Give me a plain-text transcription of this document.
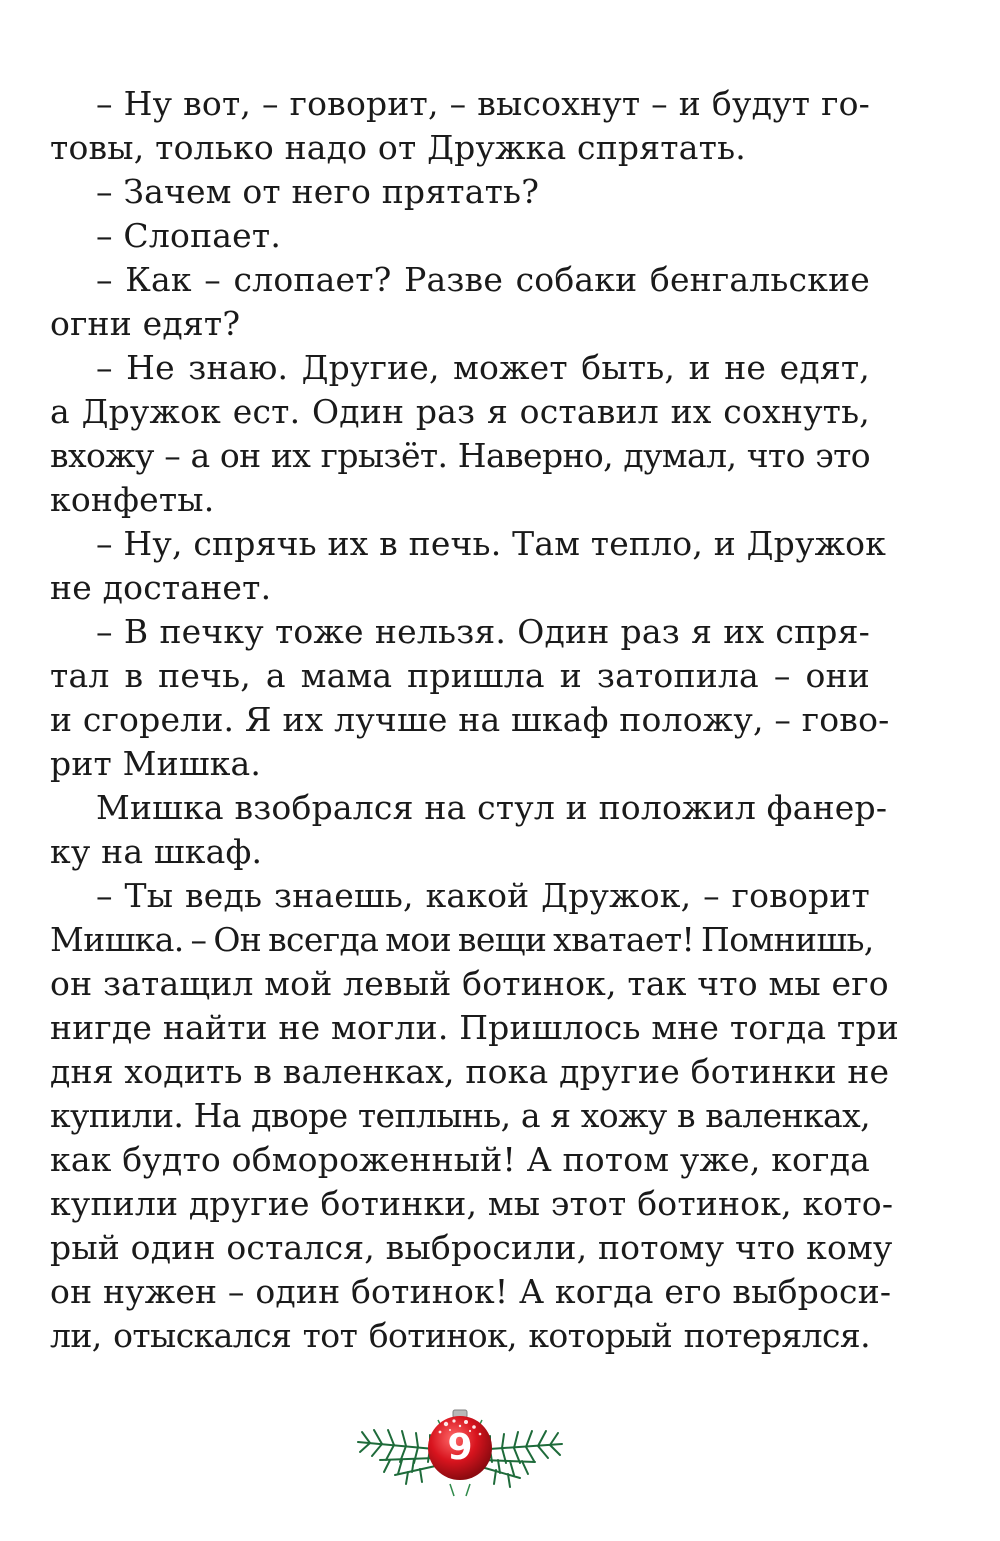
– Ну вот, – говорит, – высохнут – и будут го-
товы, только надо от Дружка спрятать.
– Зачем от него прятать?
– Слопает.
– Как – слопает? Разве собаки бенгальские
огни едят?
– Не знаю. Другие, может быть, и не едят,
а Дружок ест. Один раз я оставил их сохнуть,
вхожу – а он их грызёт. Наверно, думал, что это
конфеты.
– Ну, спрячь их в печь. Там тепло, и Дружок
не достанет.
– В печку тоже нельзя. Один раз я их спря-
тал в печь, а мама пришла и затопила – они
и сгорели. Я их лучше на шкаф положу, – гово-
рит Мишка.
Мишка взобрался на стул и положил фанер-
ку на шкаф.
– Ты ведь знаешь, какой Дружок, – говорит
Мишка. – Он всегда мои вещи хватает! Помнишь,
он затащил мой левый ботинок, так что мы его
нигде найти не могли. Пришлось мне тогда три
дня ходить в валенках, пока другие ботинки не
купили. На дворе теплынь, а я хожу в валенках,
как будто обмороженный! А потом уже, когда
купили другие ботинки, мы этот ботинок, кото-
рый один остался, выбросили, потому что кому
он нужен – один ботинок! А когда его выброси-
ли, отыскался тот ботинок, который потерялся.
9
